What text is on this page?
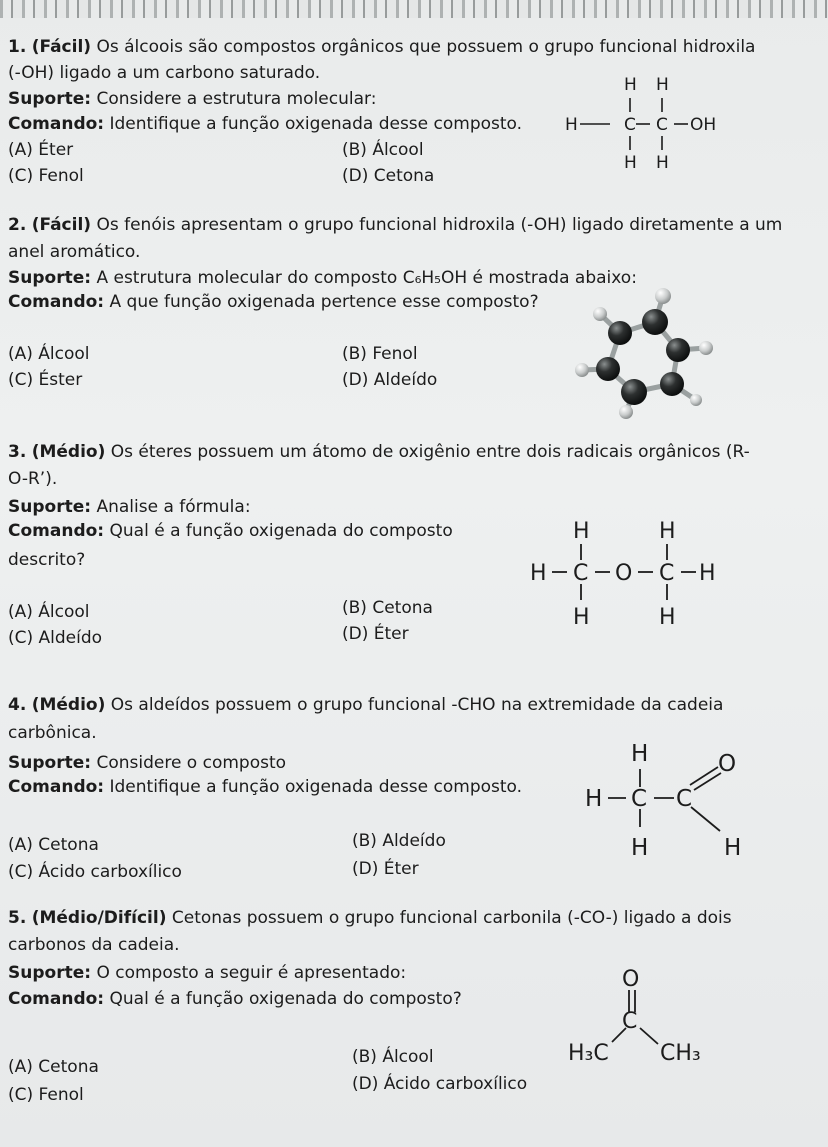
1. (Fácil) Os álcoois são compostos orgânicos que possuem o grupo funcional hidroxila
(-OH) ligado a um carbono saturado.
Suporte: Considere a estrutura molecular:
Comando: Identifique a função oxigenada desse composto.
(A) Éter	(B) Álcool
(C) Fenol	(D) Cetona
H H
H	C C OH
H H
2. (Fácil) Os fenóis apresentam o grupo funcional hidroxila (-OH) ligado diretamente a um
anel aromático.
Suporte: A estrutura molecular do composto C₆H₅OH é mostrada abaixo:
Comando: A que função oxigenada pertence esse composto?
(A) Álcool	(B) Fenol
(C) Éster	(D) Aldeído
3. (Médio) Os éteres possuem um átomo de oxigênio entre dois radicais orgânicos (R-
O-R’).
Suporte: Analise a fórmula:
Comando: Qual é a função oxigenada do composto
descrito?
(A) Álcool	(B) Cetona
(C) Aldeído	(D) Éter
H	H
H C O C H
H	H
4. (Médio) Os aldeídos possuem o grupo funcional -CHO na extremidade da cadeia
carbônica.
Suporte: Considere o composto
Comando: Identifique a função oxigenada desse composto.
(A) Cetona	(B) Aldeído
(C) Ácido carboxílico	(D) Éter
H
H C C
O
H	H
5. (Médio/Difícil) Cetonas possuem o grupo funcional carbonila (-CO-) ligado a dois
carbonos da cadeia.
Suporte: O composto a seguir é apresentado:
Comando: Qual é a função oxigenada do composto?
(A) Cetona	(B) Álcool
(C) Fenol
(D) Ácido carboxílico
O
C
H₃C CH₃
